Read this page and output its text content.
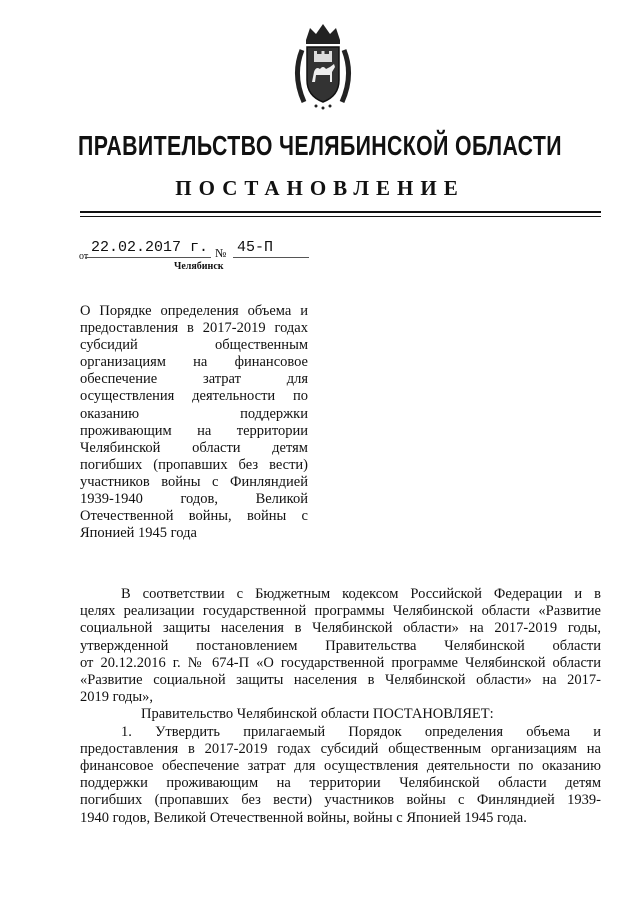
ПРАВИТЕЛЬСТВО ЧЕЛЯБИНСКОЙ ОБЛАСТИ
ПОСТАНОВЛЕНИЕ
от
22.02.2017 г. № 45-П
Челябинск
О Порядке определения объема и
предоставления в 2017-2019 годах
субсидий общественным
организациям на финансовое
обеспечение затрат для
осуществления деятельности по
оказанию поддержки
проживающим на территории
Челябинской области детям
погибших (пропавших без вести)
участников войны с Финляндией
1939-1940 годов, Великой
Отечественной войны, войны с
Японией 1945 года

В соответствии с Бюджетным кодексом Российской Федерации и в
целях реализации государственной программы Челябинской области «Развитие
социальной защиты населения в Челябинской области» на 2017-2019 годы,
утвержденной постановлением Правительства Челябинской области
от 20.12.2016 г. № 674-П «О государственной программе Челябинской области
«Развитие социальной защиты населения в Челябинской области» на 2017-
2019 годы»,

Правительство Челябинской области ПОСТАНОВЛЯЕТ:

1. Утвердить прилагаемый Порядок определения объема и
предоставления в 2017-2019 годах субсидий общественным организациям на
финансовое обеспечение затрат для осуществления деятельности по оказанию
поддержки проживающим на территории Челябинской области детям
погибших (пропавших без вести) участников войны с Финляндией 1939-
1940 годов, Великой Отечественной войны, войны с Японией 1945 года.
